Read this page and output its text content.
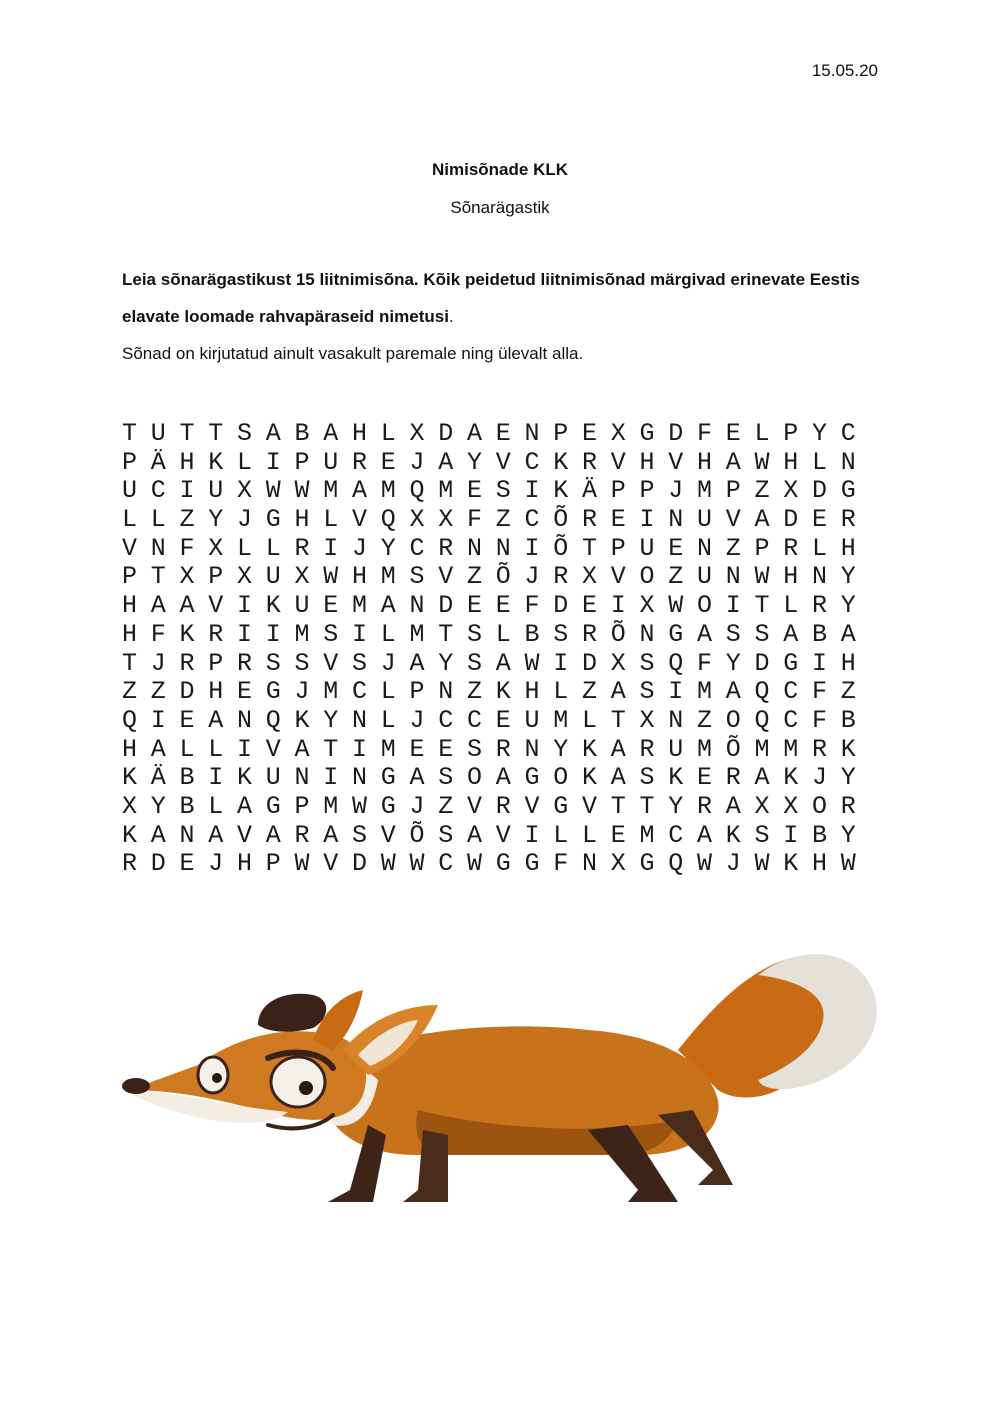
15.05.20
Nimisõnade KLK
Sõnarägastik
Leia sõnarägastikust 15 liitnimisõna. Kõik peidetud liitnimisõnad märgivad erinevate Eestis
elavate loomade rahvapäraseid nimetusi.
Sõnad on kirjutatud ainult vasakult paremale ning ülevalt alla.
T U T T S A B A H L X D A E N P E X G D F E L P Y C
P Ä H K L I P U R E J A Y V C K R V H V H A W H L N
U C I U X W W M A M Q M E S I K Ä P P J M P Z X D G
L L Z Y J G H L V Q X X F Z C Õ R E I N U V A D E R
V N F X L L R I J Y C R N N I Õ T P U E N Z P R L H
P T X P X U X W H M S V Z Õ J R X V O Z U N W H N Y
H A A V I K U E M A N D E E F D E I X W O I T L R Y
H F K R I I M S I L M T S L B S R Õ N G A S S A B A
T J R P R S S V S J A Y S A W I D X S Q F Y D G I H
Z Z D H E G J M C L P N Z K H L Z A S I M A Q C F Z
Q I E A N Q K Y N L J C C E U M L T X N Z O Q C F B
H A L L I V A T I M E E S R N Y K A R U M Õ M M R K
K Ä B I K U N I N G A S O A G O K A S K E R A K J Y
X Y B L A G P M W G J Z V R V G V T T Y R A X X O R
K A N A V A R A S V Õ S A V I L L E M C A K S I B Y
R D E J H P W V D W W C W G G F N X G Q W J W K H W
